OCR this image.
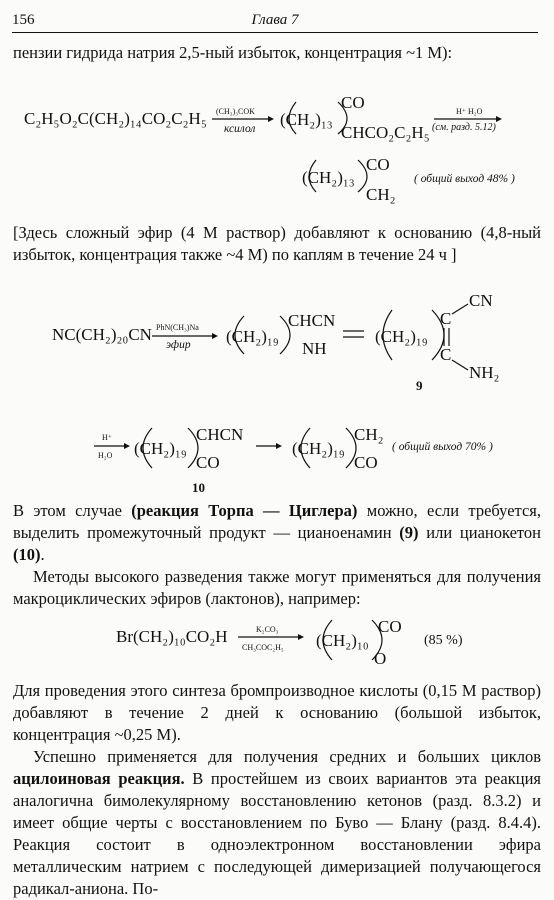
156	Глава 7

пензии гидрида натрия 2,5-ный избыток, концентрация ~1 М):

C₂H₅O₂C(CH₂)₁₄CO₂C₂H₅ (CH₃)₃COK
ксилол (CH₂)₁₃
CO
CHCO₂C₂H₅
H⁺ H₂O
(см. разд. 5.12)
(CH₂)₁₃
CO
CH₂
( общий выход 48% )

[Здесь сложный эфир (4 М раствор) добавляют к основанию (4,8-ный избыток, концентрация также ~4 М) по каплям в течение 24 ч ]

NC(CH₂)₂₀CN PhN(CH₃)Na
эфир (CH₂)₁₉
CHCN
NH
(CH₂)₁₉
C
C
CN
NH₂
9
H⁺
H₂O (CH₂)₁₉
CHCN
CO
10
(CH₂)₁₉
CH₂
CO
( общий выход 70% )

В этом случае (реакция Торпа — Циглера) можно, если требуется, выделить промежуточный продукт — цианоенамин (9) или цианокетон (10).

Методы высокого разведения также могут применяться для получения макроциклических эфиров (лактонов), например:

Br(CH₂)₁₀CO₂H	K₂CO₃
CH₃COC₂H₅ (CH₂)₁₀
CO
O
(85 %)

Для проведения этого синтеза бромпроизводное кислоты (0,15 М раствор) добавляют в течение 2 дней к основанию (большой избыток, концентрация ~0,25 М).

Успешно применяется для получения средних и больших циклов ацилоиновая реакция. В простейшем из своих вариантов эта реакция аналогична бимолекулярному восстановлению кетонов (разд. 8.3.2) и имеет общие черты с восстановлением по Буво — Блану (разд. 8.4.4). Реакция состоит в одноэлектронном восстановлении эфира металлическим натрием с последующей димеризацией получающегося радикал-аниона. По-
